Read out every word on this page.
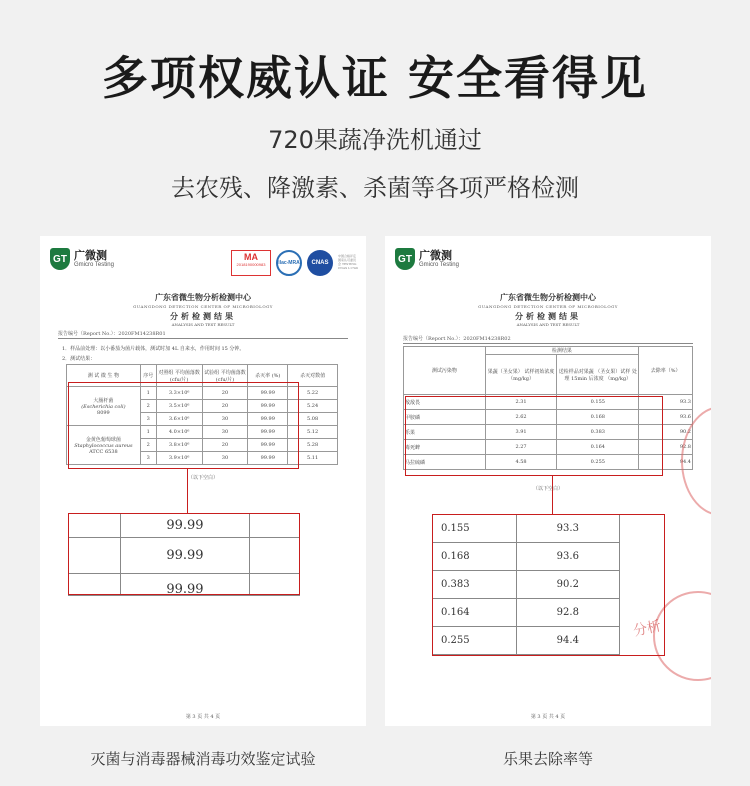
多项权威认证 安全看得见
720果蔬净洗机通过
去农残、降激素、杀菌等各项严格检测
GT 广微测
Gmicro Testing
MA
2018190000983	ilac-MRA	CNAS
中国合格评定国家认可委员会 TESTING CNAS L1749
广东省微生物分析检测中心
GUANGDONG DETECTION CENTER OF MICROBIOLOGY
分析检测结果
ANALYSIS AND TEST RESULT
报告编号（Report No.）：2020FM14238R01
1．样品前处理：以小番茄为菌片载体，测试时加 4L 自来水，作用时间 15 分钟。
2．测试结果：
测 试 微 生 物	序号	对照组 平均菌落数 (cfu/片)	试验组 平均菌落数 (cfu/片)	杀灭率 (%)	杀灭对数值

大肠杆菌
(Escherichia coli)
8099	1	3.3×10⁶	20	99.99	5.22
	2	3.5×10⁶	20	99.99	5.24
	3	3.6×10⁶	30	99.99	5.08

金黄色葡萄球菌
Staphylococcus aureus
ATCC 6538	1	4.0×10⁶	30	99.99	5.12
	2	3.8×10⁶	20	99.99	5.28
	3	3.9×10⁶	30	99.99	5.11
（以下空白）
	99.99	
	99.99	
	99.99	
第 3 页 共 4 页
GT 广微测
Gmicro Testing
广东省微生物分析检测中心
GUANGDONG DETECTION CENTER OF MICROBIOLOGY
分析检测结果
ANALYSIS AND TEST RESULT
报告编号（Report No.）：2020FM14238R02
测试污染物	检测结果		去除率（%）
	果蔬（圣女果） 试样初始浓度 （mg/kg）	送检样品对果蔬 （圣女果）试样 处理 15min 后浓度 （mg/kg）	
敌敌畏	2.31	0.155	93.3
甲胺磷	2.62	0.168	93.6
乐果	3.91	0.383	90.2
毒死蜱	2.27	0.164	92.8
马拉硫磷	4.58	0.255	94.4
（以下空白）
分析
0.155	93.3
0.168	93.6
0.383	90.2
0.164	92.8
0.255	94.4
第 3 页 共 4 页
灭菌与消毒器械消毒功效鉴定试验	乐果去除率等
